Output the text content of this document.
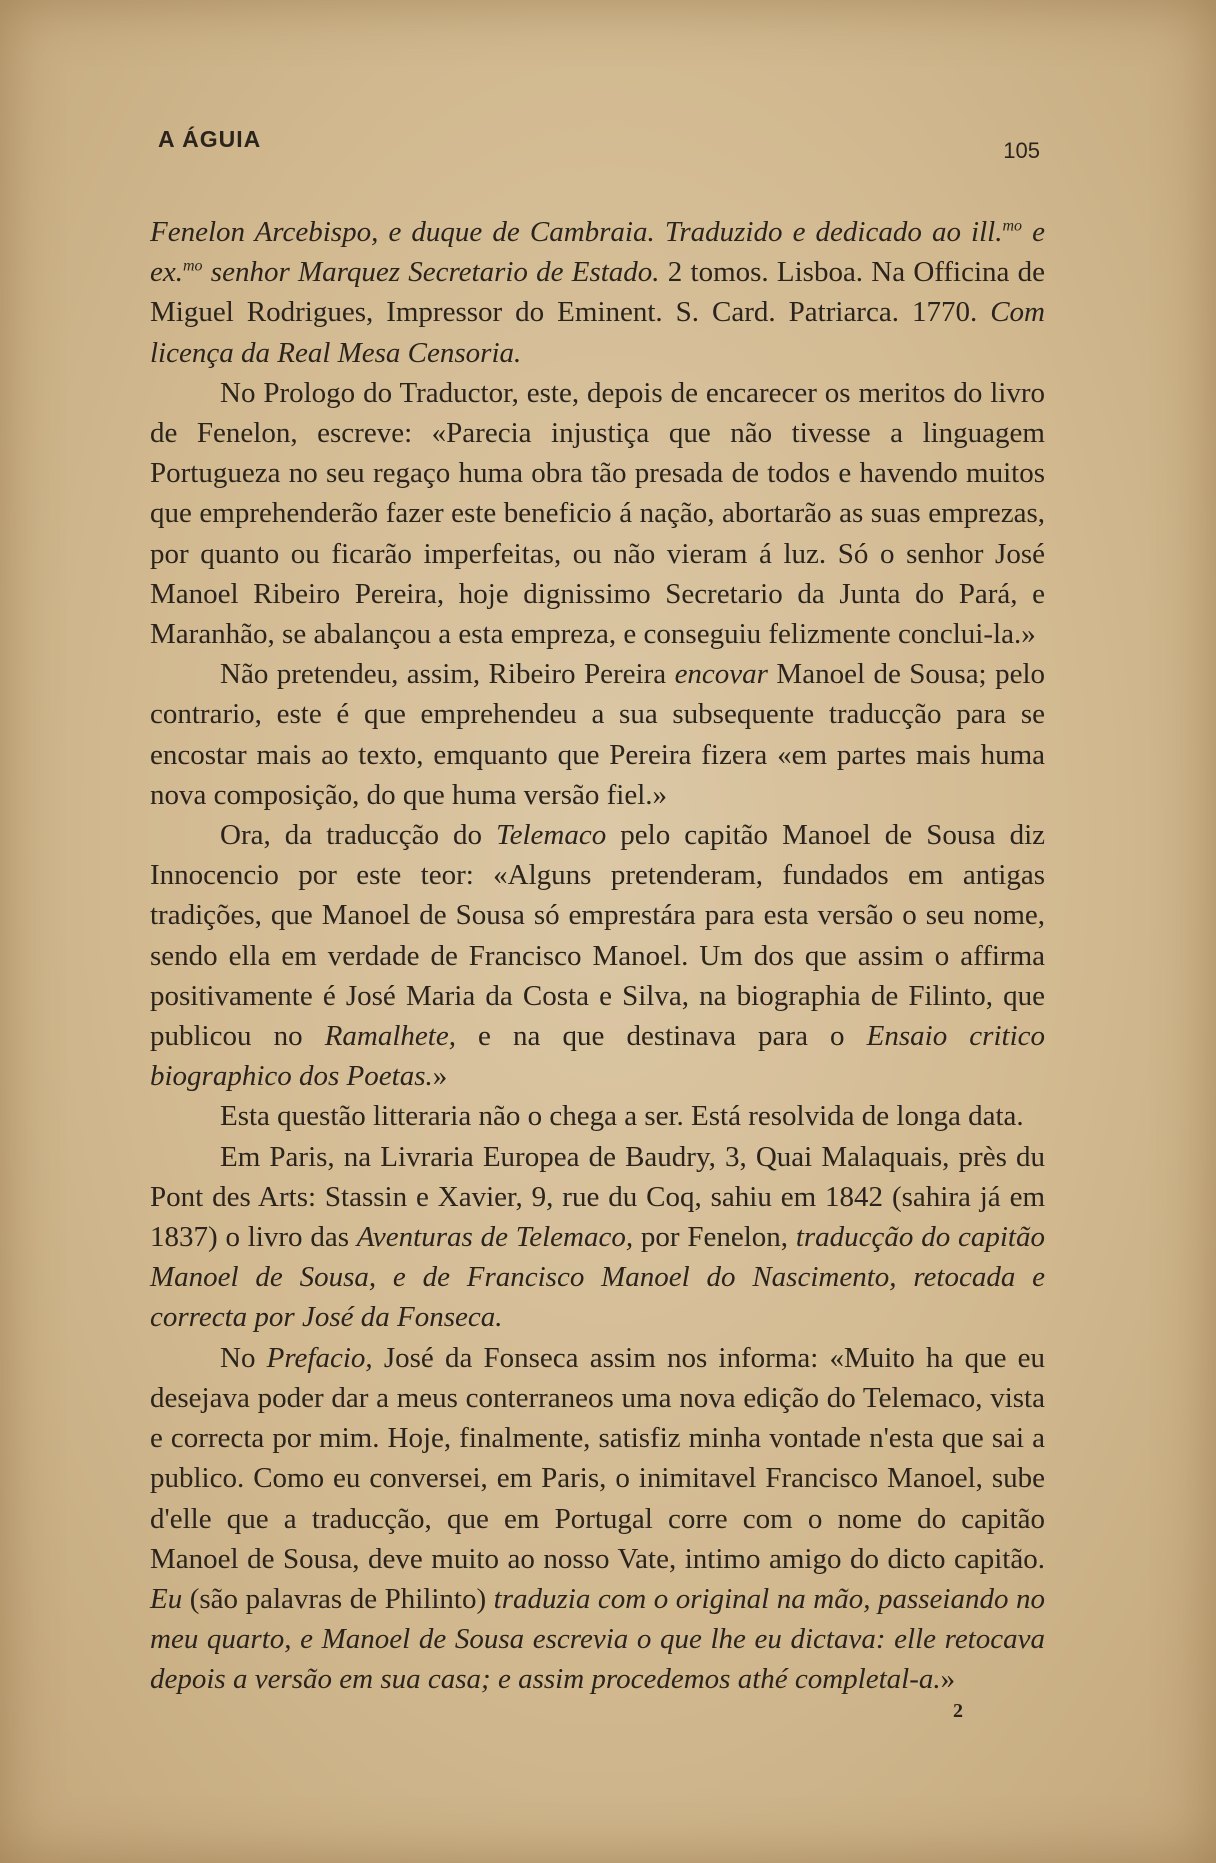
A ÁGUIA	105

Fenelon Arcebispo, e duque de Cambraia. Traduzido e dedicado ao ill.$^{mo}$ e ex.$^{mo}$ senhor Marquez Secretario de Estado. 2 tomos. Lisboa. Na Officina de Miguel Rodrigues, Impressor do Eminent. S. Card. Patriarca. 1770. Com licença da Real Mesa Censoria.

No Prologo do Traductor, este, depois de encarecer os meritos do livro de Fenelon, escreve: «Parecia injustiça que não tivesse a linguagem Portugueza no seu regaço huma obra tão presada de todos e havendo muitos que emprehenderão fazer este beneficio á nação, abortarão as suas emprezas, por quanto ou ficarão imperfeitas, ou não vieram á luz. Só o senhor José Manoel Ribeiro Pereira, hoje dignissimo Secretario da Junta do Pará, e Maranhão, se abalançou a esta empreza, e conseguiu felizmente conclui-la.»

Não pretendeu, assim, Ribeiro Pereira encovar Manoel de Sousa; pelo contrario, este é que emprehendeu a sua subsequente traducção para se encostar mais ao texto, emquanto que Pereira fizera «em partes mais huma nova composição, do que huma versão fiel.»

Ora, da traducção do Telemaco pelo capitão Manoel de Sousa diz Innocencio por este teor: «Alguns pretenderam, fundados em antigas tradições, que Manoel de Sousa só emprestára para esta versão o seu nome, sendo ella em verdade de Francisco Manoel. Um dos que assim o affirma positivamente é José Maria da Costa e Silva, na biographia de Filinto, que publicou no Ramalhete, e na que destinava para o Ensaio critico biographico dos Poetas.»

Esta questão litteraria não o chega a ser. Está resolvida de longa data.

Em Paris, na Livraria Europea de Baudry, 3, Quai Malaquais, près du Pont des Arts: Stassin e Xavier, 9, rue du Coq, sahiu em 1842 (sahira já em 1837) o livro das Aventuras de Telemaco, por Fenelon, traducção do capitão Manoel de Sousa, e de Francisco Manoel do Nascimento, retocada e correcta por José da Fonseca.

No Prefacio, José da Fonseca assim nos informa: «Muito ha que eu desejava poder dar a meus conterraneos uma nova edição do Telemaco, vista e correcta por mim. Hoje, finalmente, satisfiz minha vontade n'esta que sai a publico. Como eu conversei, em Paris, o inimitavel Francisco Manoel, sube d'elle que a traducção, que em Portugal corre com o nome do capitão Manoel de Sousa, deve muito ao nosso Vate, intimo amigo do dicto capitão. Eu (são palavras de Philinto) traduzia com o original na mão, passeiando no meu quarto, e Manoel de Sousa escrevia o que lhe eu dictava: elle retocava depois a versão em sua casa; e assim procedemos athé completal-a.»

2
